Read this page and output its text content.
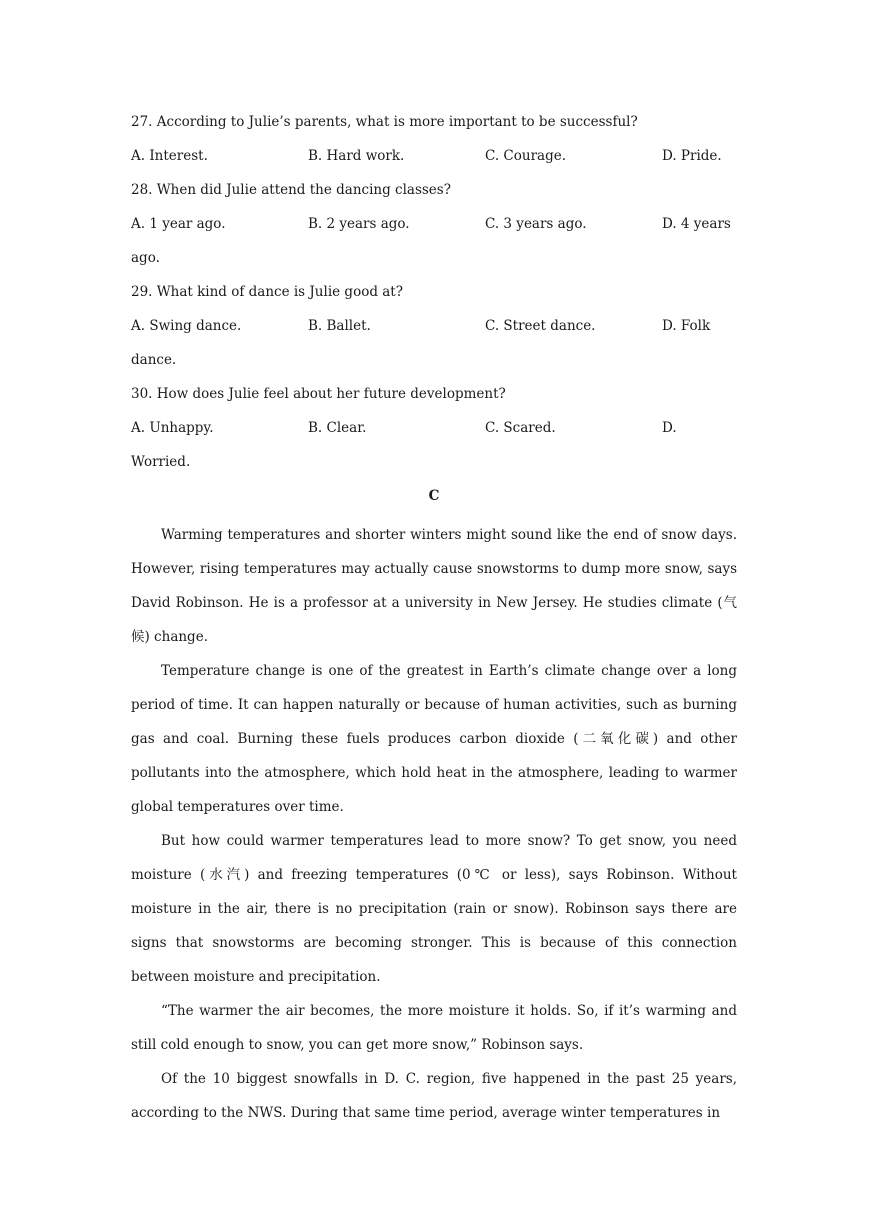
27. According to Julie’s parents, what is more important to be successful?
A. Interest.	B. Hard work.	C. Courage.	D. Pride.
28. When did Julie attend the dancing classes?
A. 1 year ago.	B. 2 years ago.	C. 3 years ago.	D. 4 years
ago.
29. What kind of dance is Julie good at?
A. Swing dance.	B. Ballet.	C. Street dance.	D. Folk
dance.
30. How does Julie feel about her future development?
A. Unhappy.	B. Clear.	C. Scared.	D.
Worried.
C

Warming temperatures and shorter winters might sound like the end of snow days. However, rising temperatures may actually cause snowstorms to dump more snow, says David Robinson. He is a professor at a university in New Jersey. He studies climate (气候) change.

Temperature change is one of the greatest in Earth’s climate change over a long period of time. It can happen naturally or because of human activities, such as burning gas and coal. Burning these fuels produces carbon dioxide (二氧化碳) and other pollutants into the atmosphere, which hold heat in the atmosphere, leading to warmer global temperatures over time.

But how could warmer temperatures lead to more snow? To get snow, you need moisture (水汽) and freezing temperatures (0℃ or less), says Robinson. Without moisture in the air, there is no precipitation (rain or snow). Robinson says there are signs that snowstorms are becoming stronger. This is because of this connection between moisture and precipitation.

“The warmer the air becomes, the more moisture it holds. So, if it’s warming and still cold enough to snow, you can get more snow,” Robinson says.

Of the 10 biggest snowfalls in D. C. region, five happened in the past 25 years, according to the NWS. During that same time period, average winter temperatures in
